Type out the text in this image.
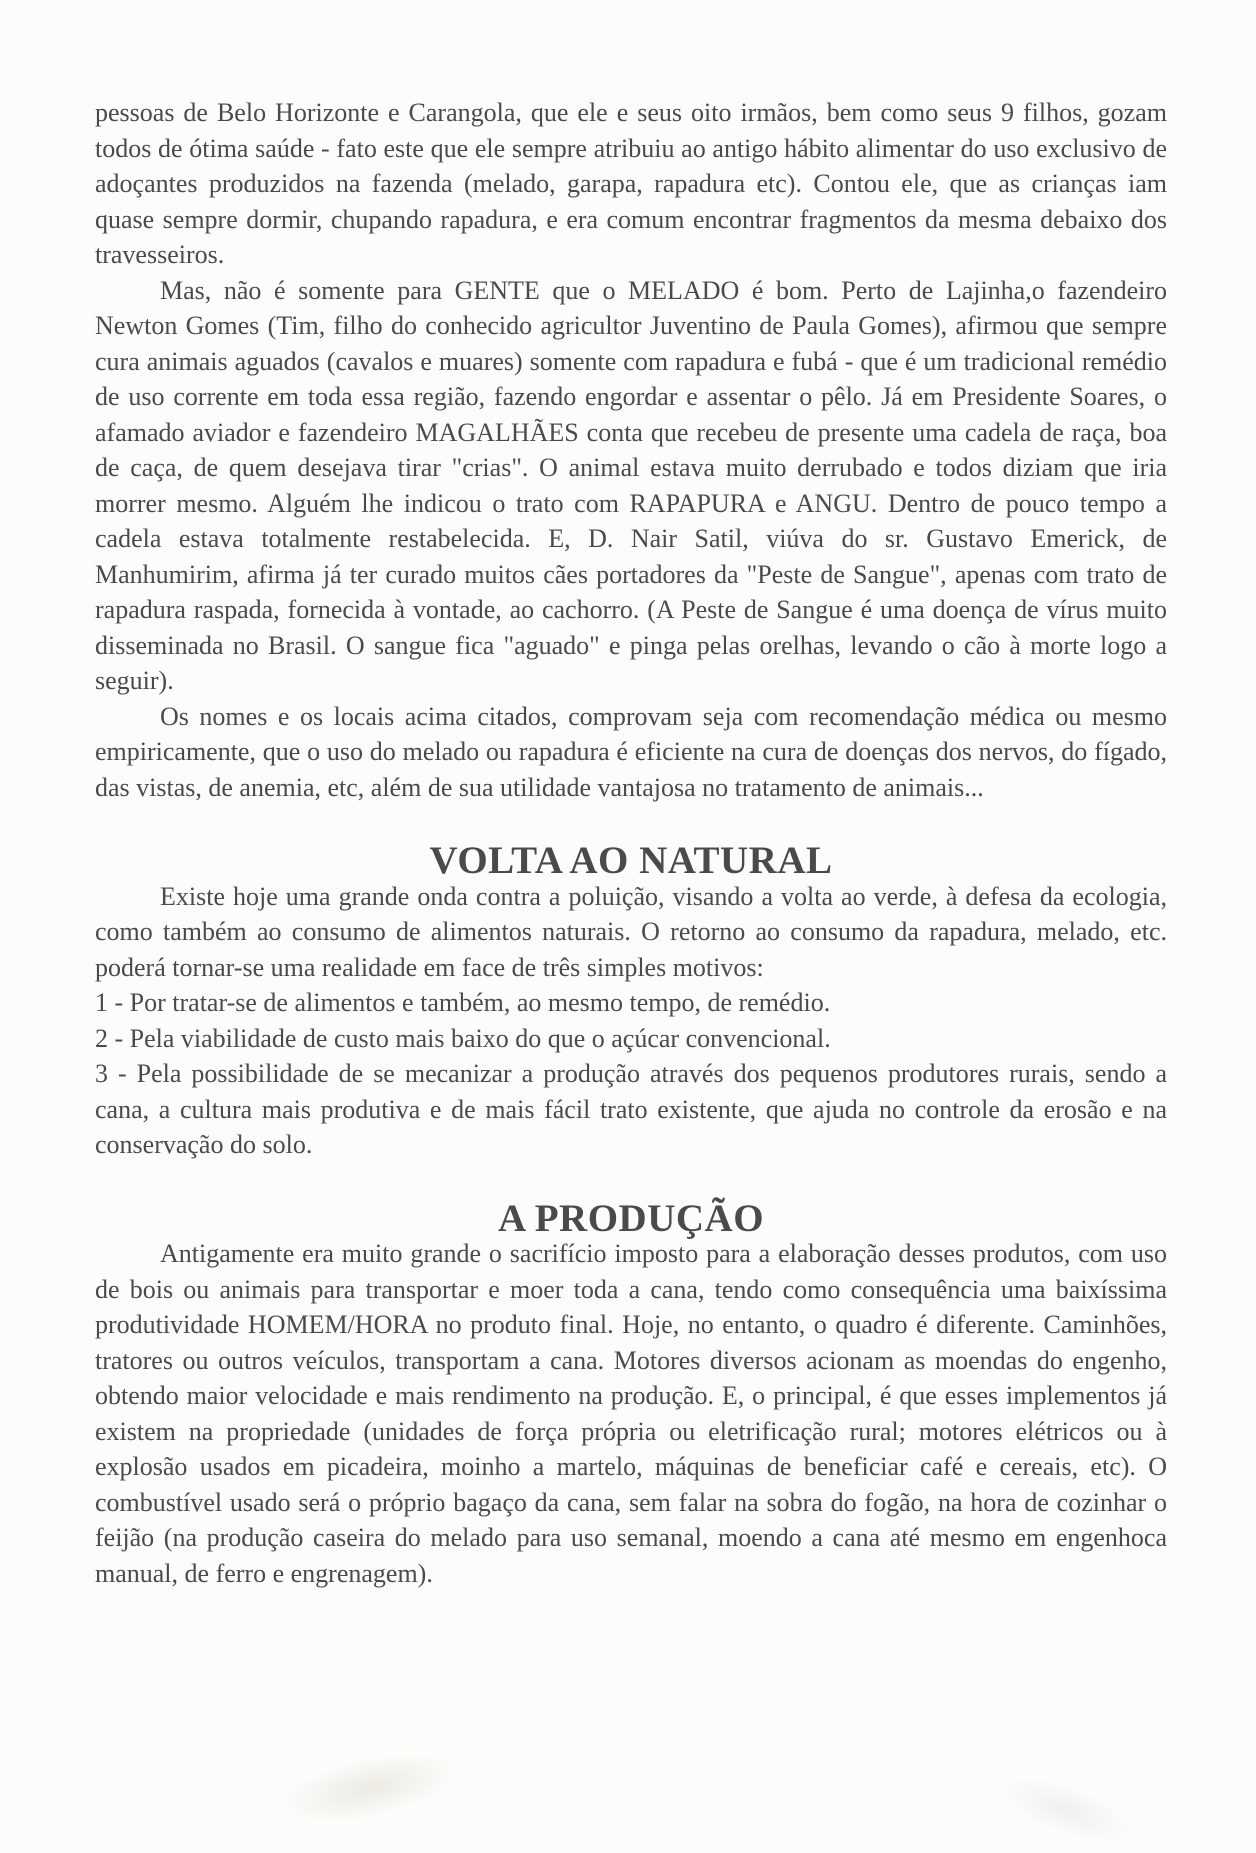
pessoas de Belo Horizonte e Carangola, que ele e seus oito irmãos, bem como seus 9 filhos, gozam todos de ótima saúde - fato este que ele sempre atribuiu ao antigo hábito alimentar do uso exclusivo de adoçantes produzidos na fazenda (melado, garapa, rapadura etc). Contou ele, que as crianças iam quase sempre dormir, chupando rapadura, e era comum encontrar fragmentos da mesma debaixo dos travesseiros.

Mas, não é somente para GENTE que o MELADO é bom. Perto de Lajinha,o fazendeiro Newton Gomes (Tim, filho do conhecido agricultor Juventino de Paula Gomes), afirmou que sempre cura animais aguados (cavalos e muares) somente com rapadura e fubá - que é um tradicional remédio de uso corrente em toda essa região, fazendo engordar e assentar o pêlo. Já em Presidente Soares, o afamado aviador e fazendeiro MAGALHÃES conta que recebeu de presente uma cadela de raça, boa de caça, de quem desejava tirar "crias". O animal estava muito derrubado e todos diziam que iria morrer mesmo. Alguém lhe indicou o trato com RAPAPURA e ANGU. Dentro de pouco tempo a cadela estava totalmente restabelecida. E, D. Nair Satil, viúva do sr. Gustavo Emerick, de Manhumirim, afirma já ter curado muitos cães portadores da "Peste de Sangue", apenas com trato de rapadura raspada, fornecida à vontade, ao cachorro. (A Peste de Sangue é uma doença de vírus muito disseminada no Brasil. O sangue fica "aguado" e pinga pelas orelhas, levando o cão à morte logo a seguir).

Os nomes e os locais acima citados, comprovam seja com recomendação médica ou mesmo empiricamente, que o uso do melado ou rapadura é eficiente na cura de doenças dos nervos, do fígado, das vistas, de anemia, etc, além de sua utilidade vantajosa no tratamento de animais...

VOLTA AO NATURAL

Existe hoje uma grande onda contra a poluição, visando a volta ao verde, à defesa da ecologia, como também ao consumo de alimentos naturais. O retorno ao consumo da rapadura, melado, etc. poderá tornar-se uma realidade em face de três simples motivos:

1 - Por tratar-se de alimentos e também, ao mesmo tempo, de remédio.

2 - Pela viabilidade de custo mais baixo do que o açúcar convencional.

3 - Pela possibilidade de se mecanizar a produção através dos pequenos produtores rurais, sendo a cana, a cultura mais produtiva e de mais fácil trato existente, que ajuda no controle da erosão e na conservação do solo.

A PRODUÇÃO

Antigamente era muito grande o sacrifício imposto para a elaboração desses produtos, com uso de bois ou animais para transportar e moer toda a cana, tendo como consequência uma baixíssima produtividade HOMEM/HORA no produto final. Hoje, no entanto, o quadro é diferente. Caminhões, tratores ou outros veículos, transportam a cana. Motores diversos acionam as moendas do engenho, obtendo maior velocidade e mais rendimento na produção. E, o principal, é que esses implementos já existem na propriedade (unidades de força própria ou eletrificação rural; motores elétricos ou à explosão usados em picadeira, moinho a martelo, máquinas de beneficiar café e cereais, etc). O combustível usado será o próprio bagaço da cana, sem falar na sobra do fogão, na hora de cozinhar o feijão (na produção caseira do melado para uso semanal, moendo a cana até mesmo em engenhoca manual, de ferro e engrenagem).
